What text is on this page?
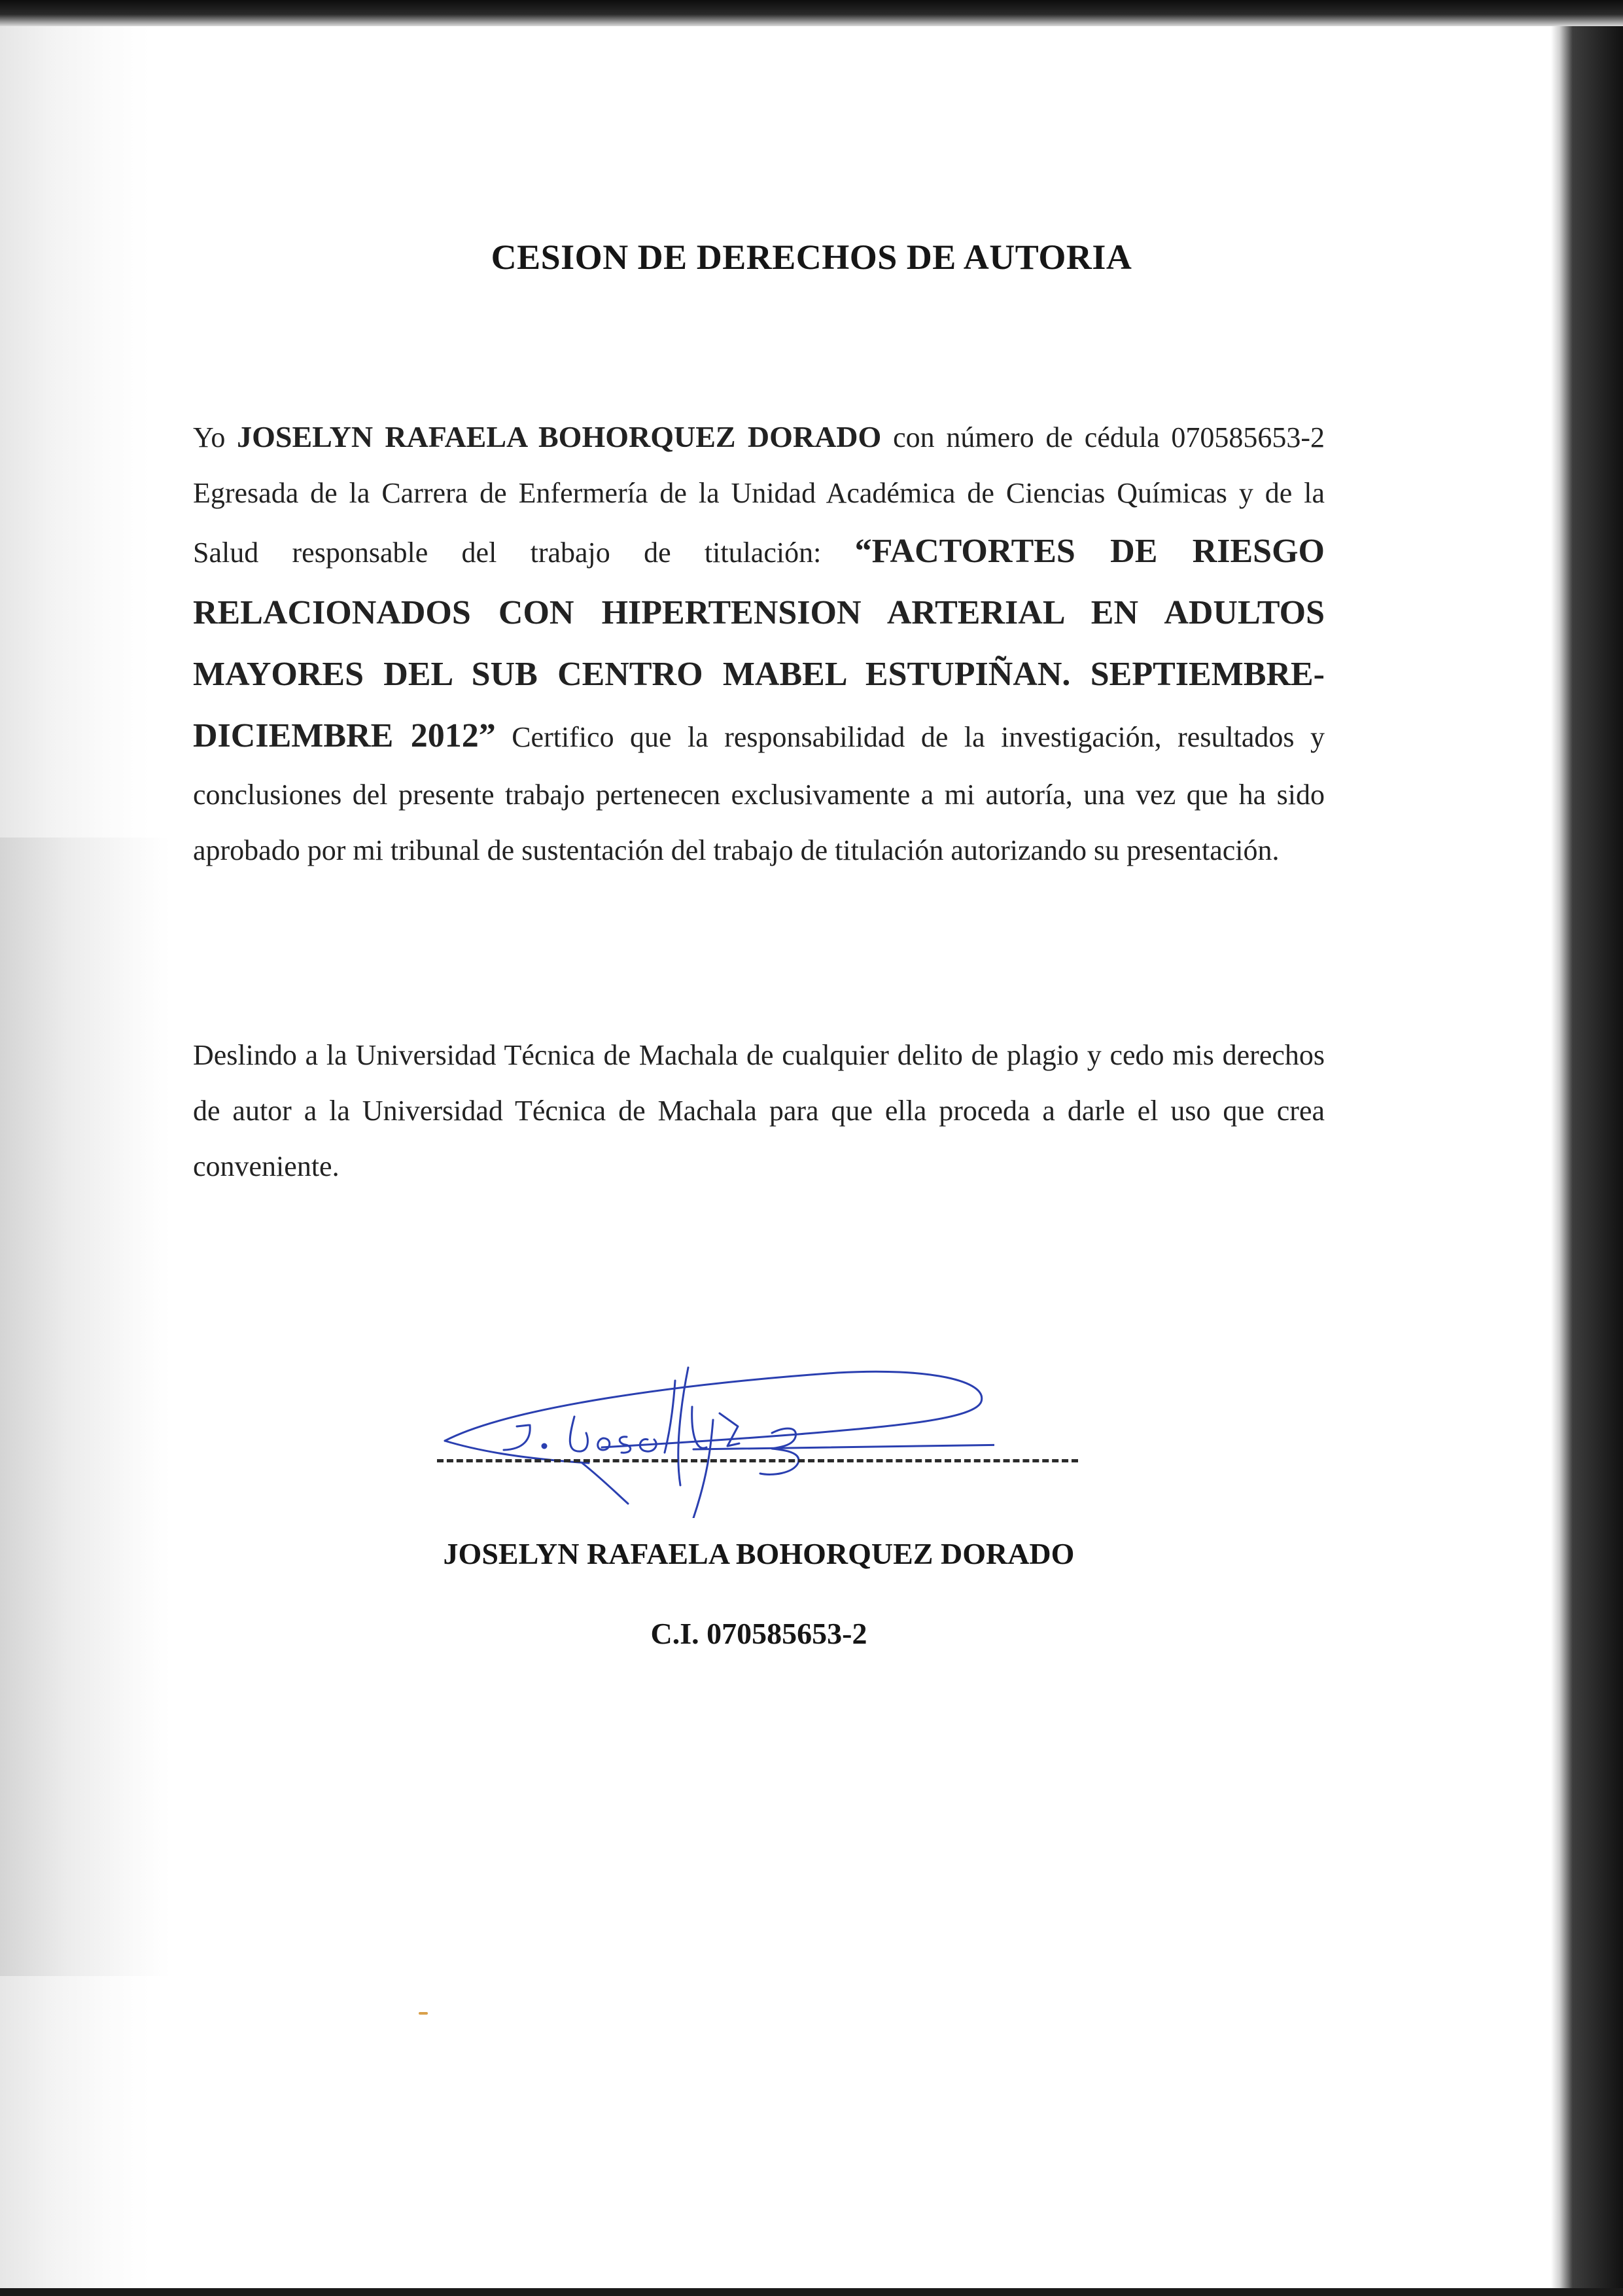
CESION DE DERECHOS DE AUTORIA

Yo JOSELYN RAFAELA BOHORQUEZ DORADO con número de cédula 070585653-2 Egresada de la Carrera de Enfermería de la Unidad Académica de Ciencias Químicas y de la Salud responsable del trabajo de titulación: “FACTORTES DE RIESGO RELACIONADOS CON HIPERTENSION ARTERIAL EN ADULTOS MAYORES DEL SUB CENTRO MABEL ESTUPIÑAN. SEPTIEMBRE-DICIEMBRE 2012” Certifico que la responsabilidad de la investigación, resultados y conclusiones del presente trabajo pertenecen exclusivamente a mi autoría, una vez que ha sido aprobado por mi tribunal de sustentación del trabajo de titulación autorizando su presentación.

Deslindo a la Universidad Técnica de Machala de cualquier delito de plagio y cedo mis derechos de autor a la Universidad Técnica de Machala para que ella proceda a darle el uso que crea conveniente.

JOSELYN RAFAELA BOHORQUEZ DORADO

C.I. 070585653-2
